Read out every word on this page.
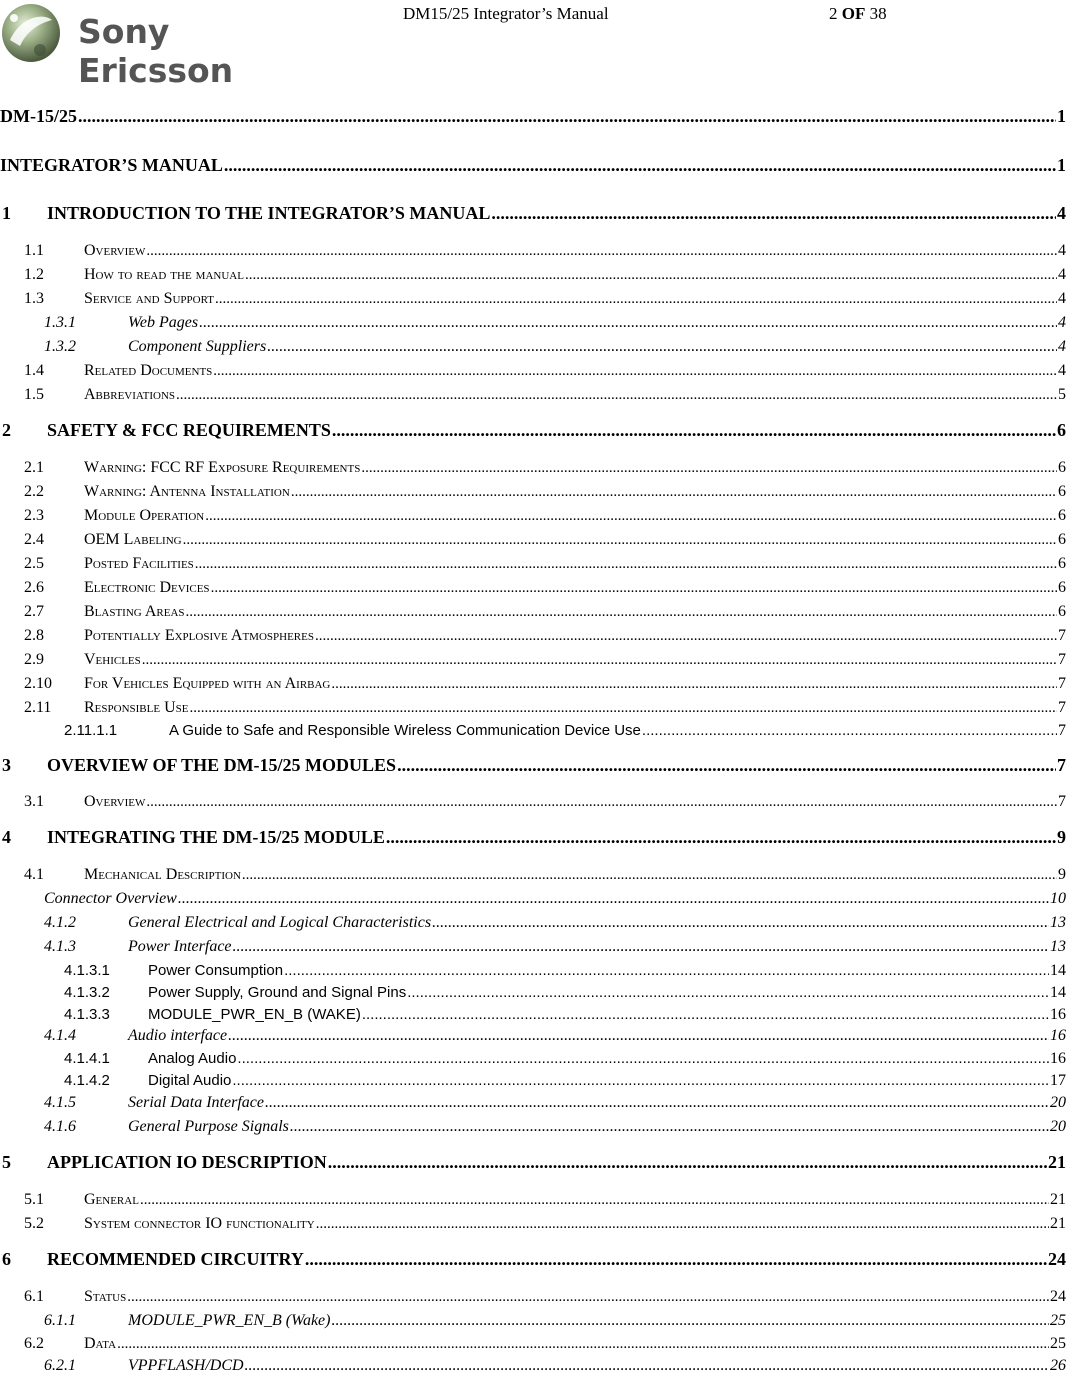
Sony Ericsson
DM15/25 Integrator’s Manual	2 OF 38
DM-15/25 .....	1
INTEGRATOR’S MANUAL .....	1
1	INTRODUCTION TO THE INTEGRATOR’S MANUAL .....	4
1.1	Overview .....	4
1.2	How to read the manual .....	4
1.3	Service and Support .....	4
1.3.1	Web Pages .....	4
1.3.2	Component Suppliers .....	4
1.4	Related Documents .....	4
1.5	Abbreviations .....	5
2	SAFETY & FCC REQUIREMENTS .....	6
2.1	Warning: FCC RF Exposure Requirements .....	6
2.2	Warning: Antenna Installation .....	6
2.3	Module Operation .....	6
2.4	OEM Labeling .....	6
2.5	Posted Facilities .....	6
2.6	Electronic Devices .....	6
2.7	Blasting Areas .....	6
2.8	Potentially Explosive Atmospheres .....	7
2.9	Vehicles .....	7
2.10	For Vehicles Equipped with an Airbag .....	7
2.11	Responsible Use .....	7
2.11.1.1	A Guide to Safe and Responsible Wireless Communication Device Use .....	7
3	OVERVIEW OF THE DM-15/25 MODULES .....	7
3.1	Overview .....	7
4	INTEGRATING THE DM-15/25 MODULE .....	9
4.1	Mechanical Description .....	9
Connector Overview .....	10
4.1.2	General Electrical and Logical Characteristics .....	13
4.1.3	Power Interface .....	13
4.1.3.1	Power Consumption .....	14
4.1.3.2	Power Supply, Ground and Signal Pins .....	14
4.1.3.3	MODULE_PWR_EN_B (WAKE) .....	16
4.1.4	Audio interface .....	16
4.1.4.1	Analog Audio .....	16
4.1.4.2	Digital Audio .....	17
4.1.5	Serial Data Interface .....	20
4.1.6	General Purpose Signals .....	20
5	APPLICATION IO DESCRIPTION .....	21
5.1	General .....	21
5.2	System connector IO functionality .....	21
6	RECOMMENDED CIRCUITRY .....	24
6.1	Status .....	24
6.1.1	MODULE_PWR_EN_B (Wake) .....	25
6.2	Data .....	25
6.2.1	VPPFLASH/DCD .....	26
